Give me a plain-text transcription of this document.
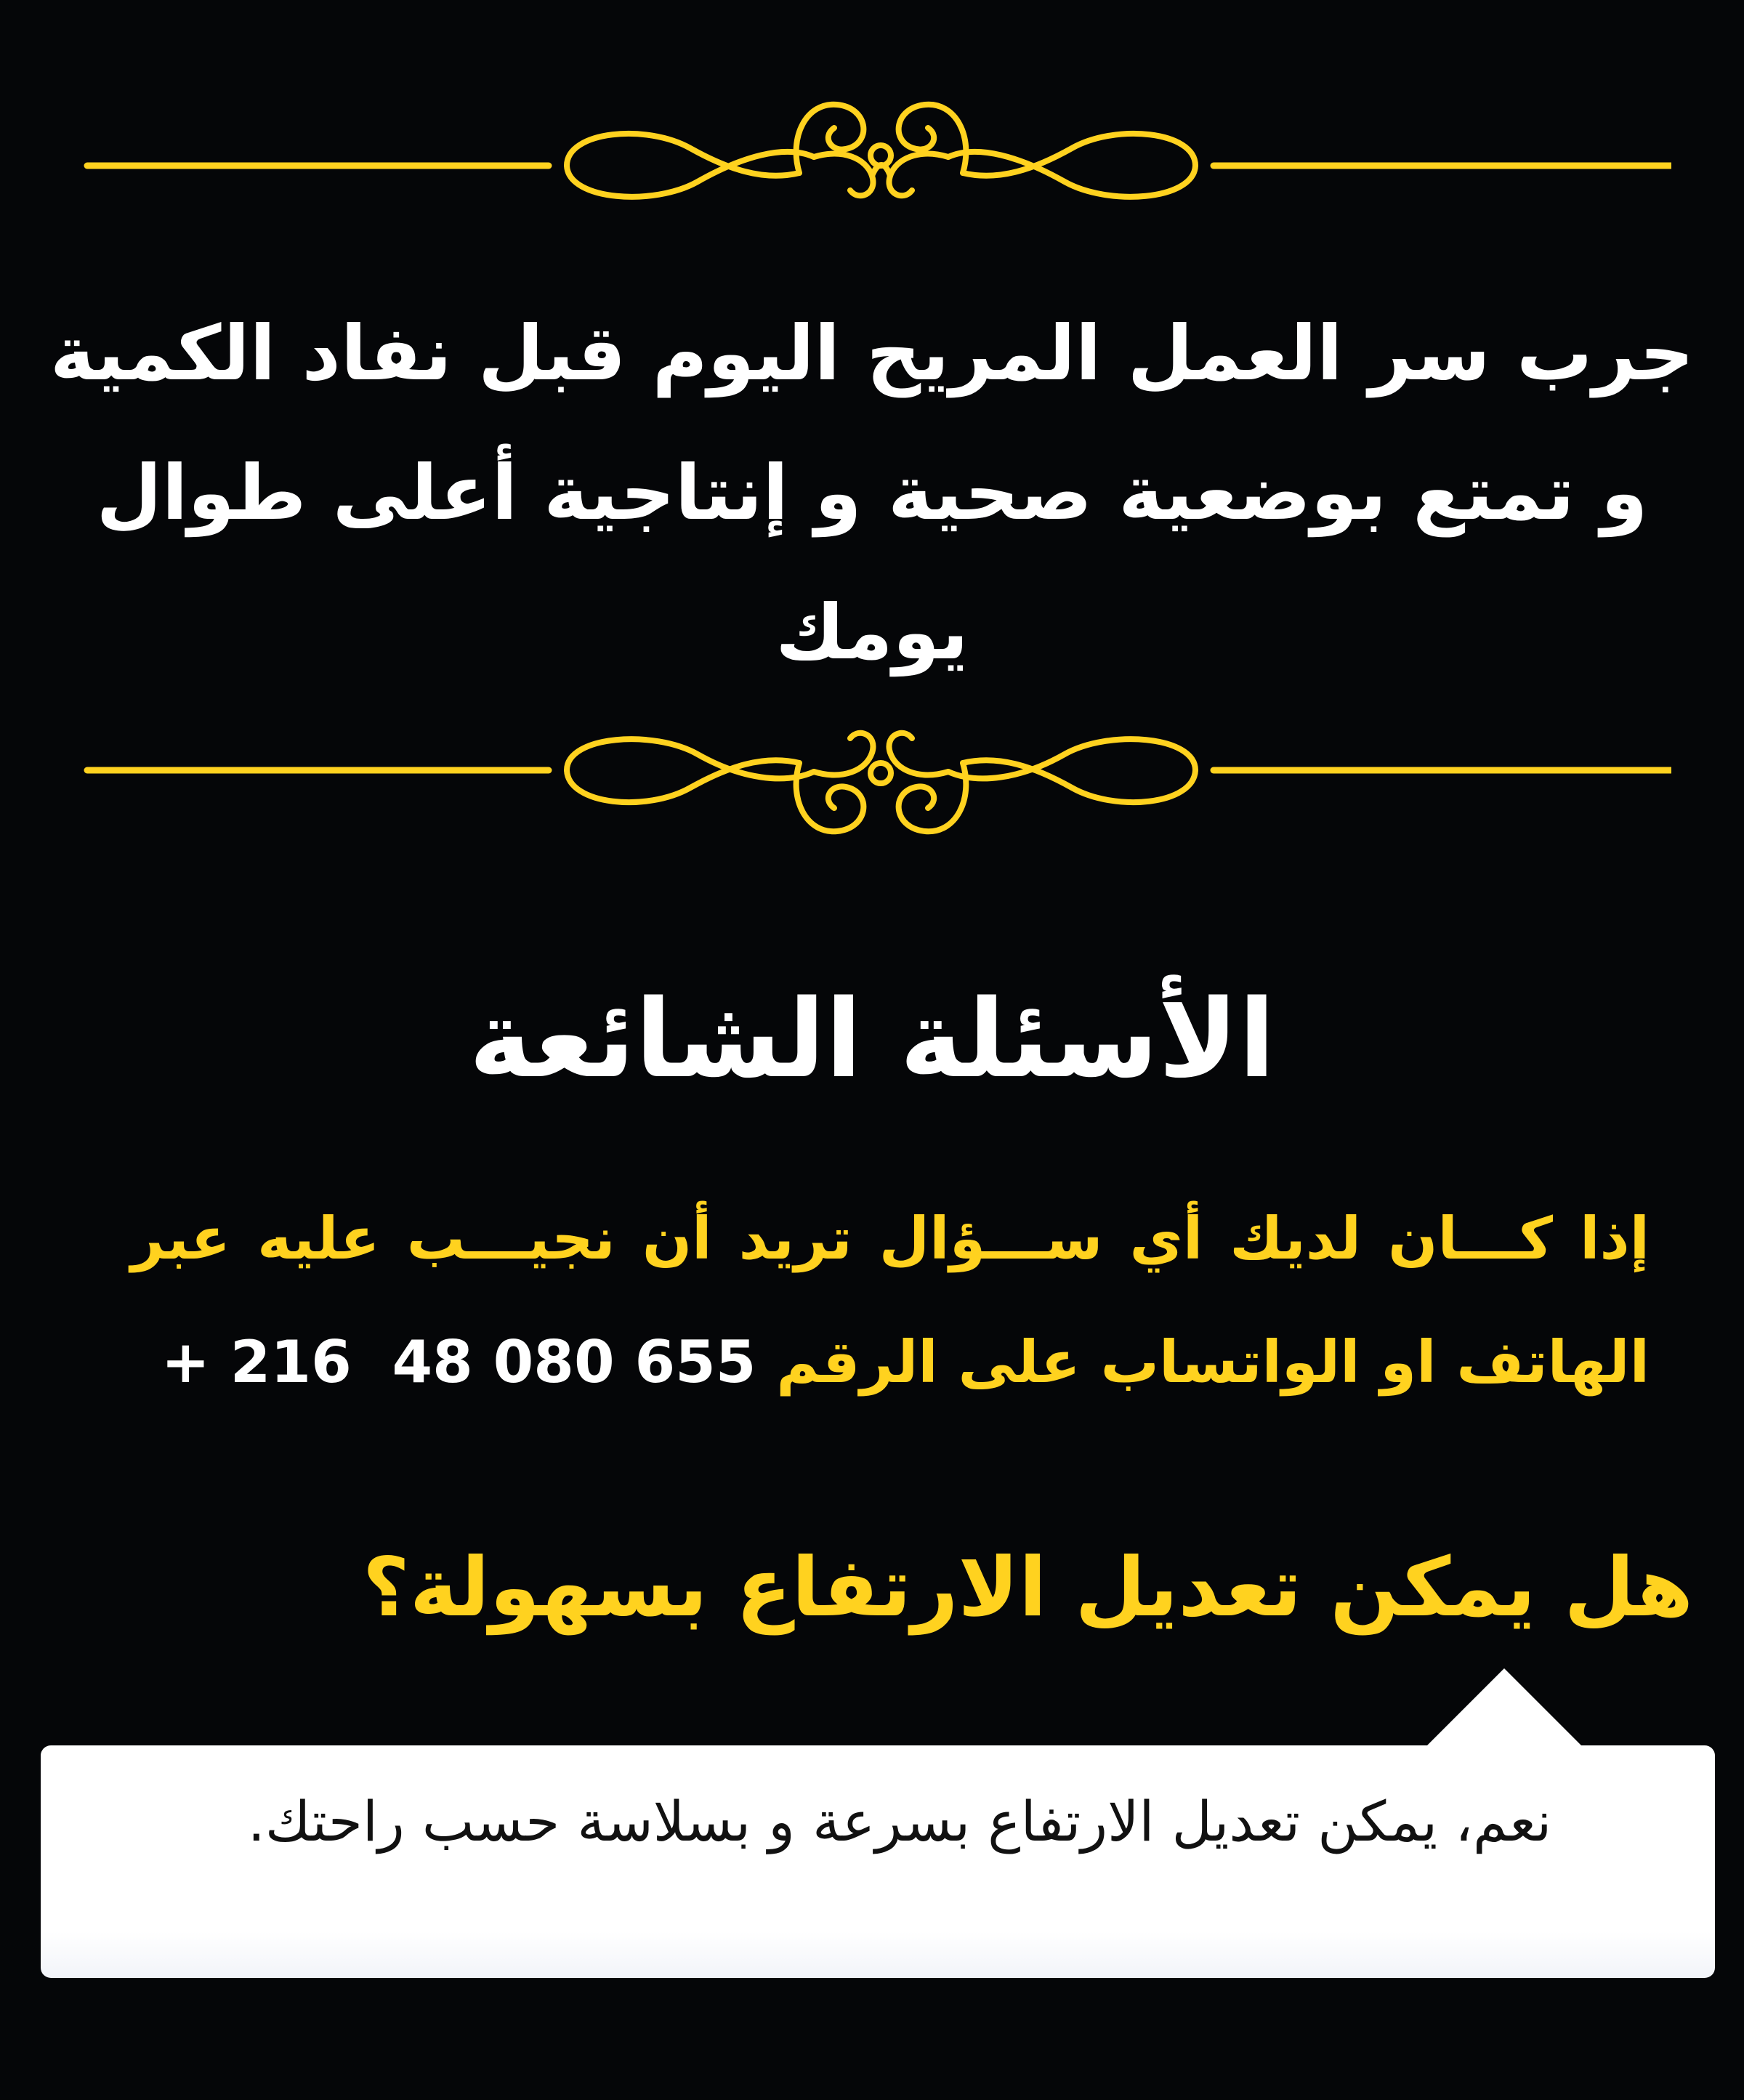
جرب سر العمل المريح اليوم قبل نفاد الكمية و تمتع بوضعية صحية و إنتاجية أعلى طوال يومك

الأسئلة الشائعة

إذا كـــان لديك أي ســـؤال تريد أن نجيـــب عليه عبر الهاتف او الواتساب على الرقم + 216  48 080 655

هل يمكن تعديل الارتفاع بسهولة؟

نعم، يمكن تعديل الارتفاع بسرعة و بسلاسة حسب راحتك.
